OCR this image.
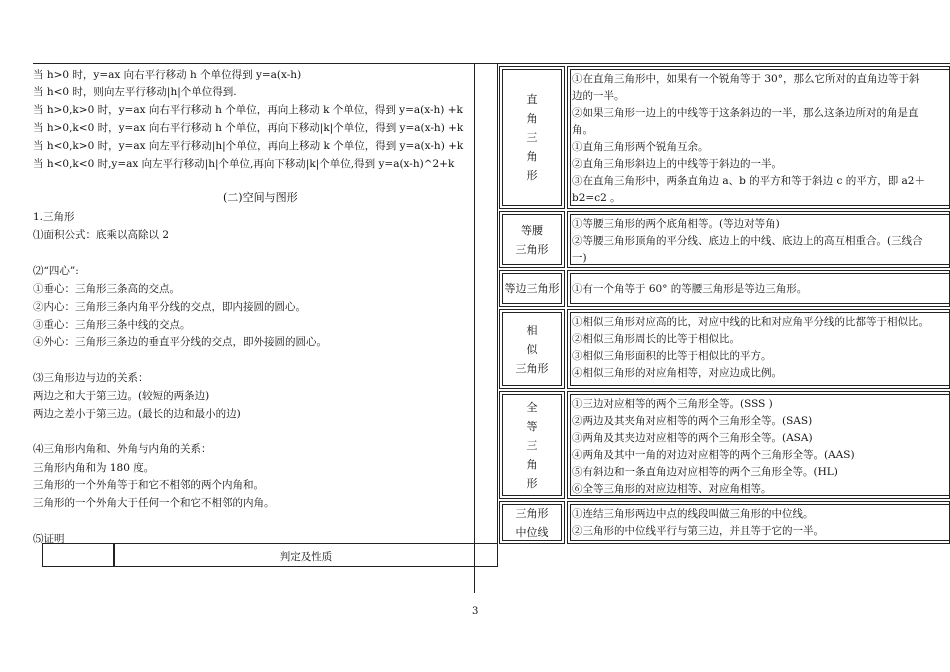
当 h>0 时，y=ax 向右平行移动 h 个单位得到 y=a(x-h)
当 h<0 时，则向左平行移动|h|个单位得到.
当 h>0,k>0 时，y=ax 向右平行移动 h 个单位，再向上移动 k 个单位，得到 y=a(x-h) +k
当 h>0,k<0 时，y=ax 向右平行移动 h 个单位，再向下移动|k|个单位，得到 y=a(x-h) +k
当 h<0,k>0 时，y=ax 向左平行移动|h|个单位，再向上移动 k 个单位，得到 y=a(x-h) +k
当 h<0,k<0 时,y=ax 向左平行移动|h|个单位,再向下移动|k|个单位,得到 y=a(x-h)^2+k
(二)空间与图形
1.三角形
⑴面积公式：底乘以高除以 2
⑵“四心”:
①垂心：三角形三条高的交点。
②内心：三角形三条内角平分线的交点，即内接圆的圆心。
③重心：三角形三条中线的交点。
④外心：三角形三条边的垂直平分线的交点，即外接圆的圆心。
⑶三角形边与边的关系：
两边之和大于第三边。(较短的两条边)
两边之差小于第三边。(最长的边和最小的边)
⑷三角形内角和、外角与内角的关系：
三角形内角和为 180 度。
三角形的一个外角等于和它不相邻的两个内角和。
三角形的一个外角大于任何一个和它不相邻的内角。
⑸证明
判定及性质
直
角
三
角
形
①在直角三角形中，如果有一个锐角等于 30°，那么它所对的直角边等于斜
边的一半。
②如果三角形一边上的中线等于这条斜边的一半，那么这条边所对的角是直
角。
①直角三角形两个锐角互余。
②直角三角形斜边上的中线等于斜边的一半。
③在直角三角形中，两条直角边 a、b 的平方和等于斜边 c 的平方，即 a2＋
b2=c2 。
等腰
三角形
①等腰三角形的两个底角相等。(等边对等角)
②等腰三角形顶角的平分线、底边上的中线、底边上的高互相重合。(三线合
一)
等边三角形 ①有一个角等于 60° 的等腰三角形是等边三角形。
相
似
三角形
①相似三角形对应高的比，对应中线的比和对应角平分线的比都等于相似比。
②相似三角形周长的比等于相似比。
③相似三角形面积的比等于相似比的平方。
④相似三角形的对应角相等，对应边成比例。
全
等
三
角
形
①三边对应相等的两个三角形全等。(SSS )
②两边及其夹角对应相等的两个三角形全等。(SAS)
③两角及其夹边对应相等的两个三角形全等。(ASA)
④两角及其中一角的对边对应相等的两个三角形全等。(AAS)
⑤有斜边和一条直角边对应相等的两个三角形全等。(HL)
⑥全等三角形的对应边相等、对应角相等。
三角形
中位线
①连结三角形两边中点的线段叫做三角形的中位线。
②三角形的中位线平行与第三边，并且等于它的一半。
3
